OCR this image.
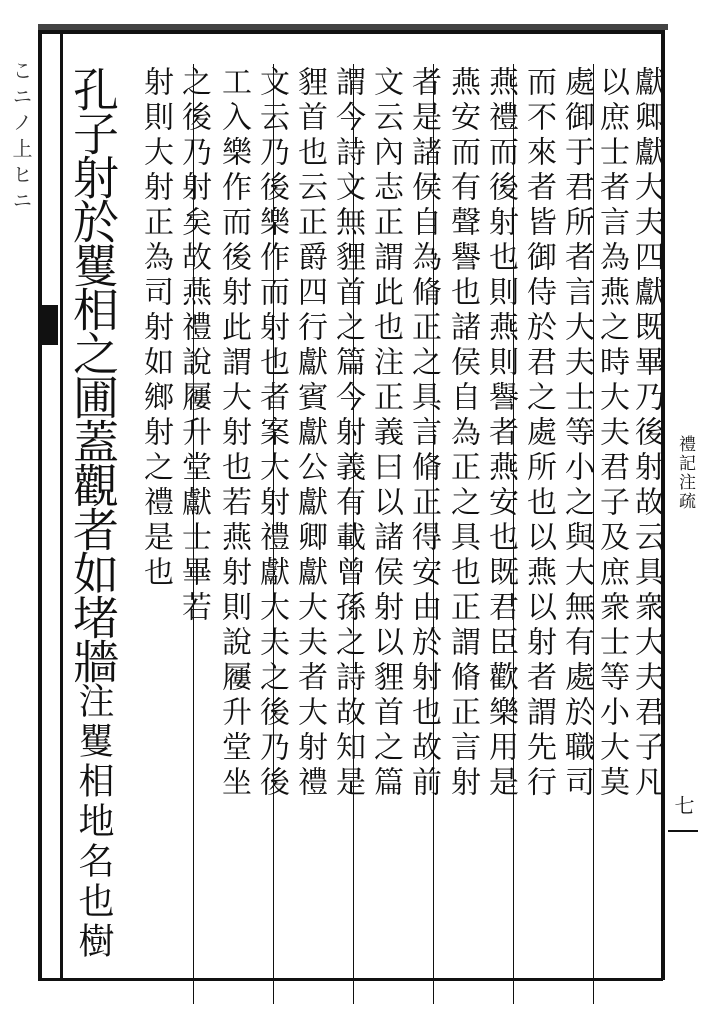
こニノ上ヒニ	獻卿獻大夫四獻既畢乃後射故云具衆大夫君子凡
以庶士者言為燕之時大夫君子及庶衆士等小大莫
處御于君所者言大夫士等小之與大無有處於職司
而不來者皆御侍於君之處所也以燕以射者謂先行
燕禮而後射也則燕則譽者燕安也既君臣歡樂用是
燕安而有聲譽也諸侯自為正之具也正謂脩正言射
者是諸侯自為脩正之具言脩正得安由於射也故前
文云內志正謂此也注正義曰以諸侯射以貍首之篇
謂今詩文無貍首之篇今射義有載曾孫之詩故知是
貍首也云正爵四行獻賓獻公獻卿獻大夫者大射禮
文云乃後樂作而射也者案大射禮獻大夫之後乃後
工入樂作而後射此謂大射也若燕射則說屨升堂坐
之後乃射矣故燕禮說屨升堂獻士畢若
射則大射正為司射如鄉射之禮是也
孔子射於矍相之圃蓋觀者如堵牆注矍相地名也樹
禮記注疏
七
